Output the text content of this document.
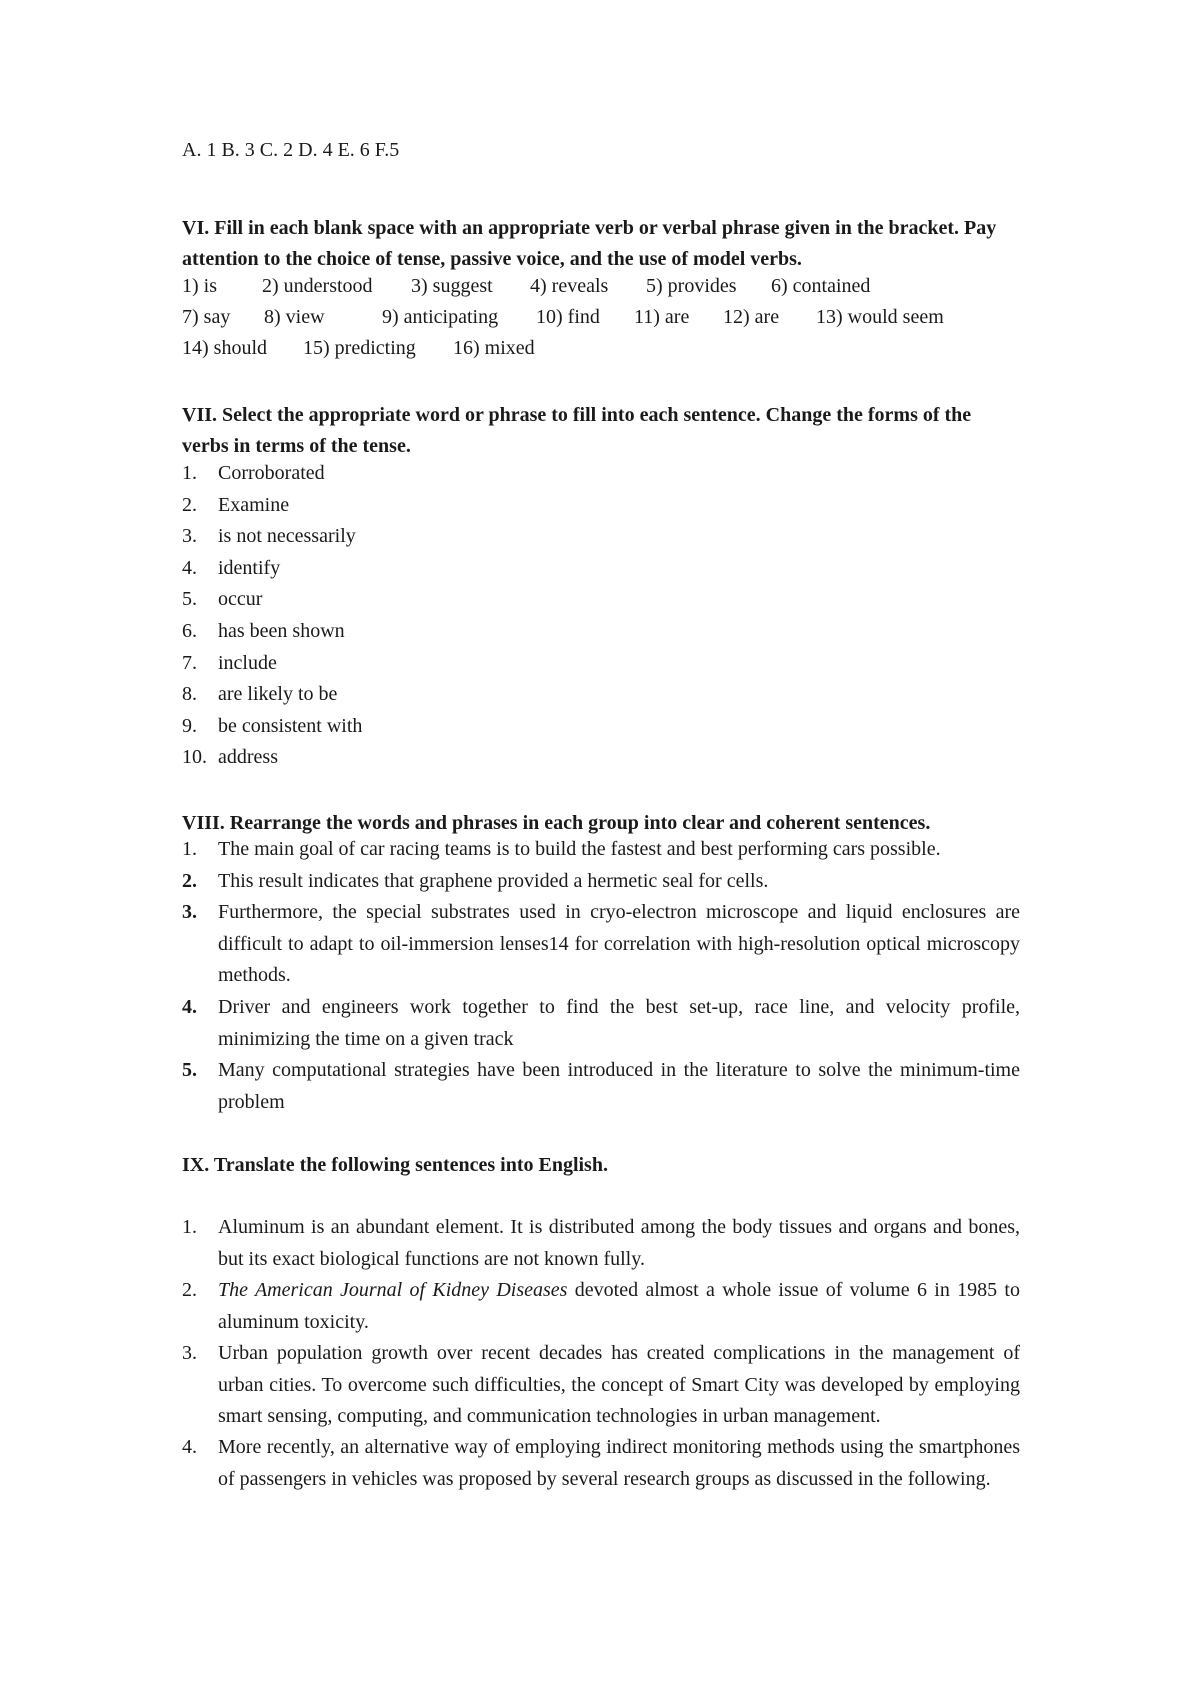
A. 1 B. 3 C. 2 D. 4 E. 6 F.5
VI. Fill in each blank space with an appropriate verb or verbal phrase given in the bracket. Pay attention to the choice of tense, passive voice, and the use of model verbs.
1) is 2) understood 3) suggest 4) reveals 5) provides 6) contained
7) say 8) view	9) anticipating 10) find 11) are 12) are 13) would seem
14) should 15) predicting 16) mixed
VII. Select the appropriate word or phrase to fill into each sentence. Change the forms of the verbs in terms of the tense.
1. Corroborated
2. Examine
3. is not necessarily
4. identify
5. occur
6. has been shown
7. include
8. are likely to be
9. be consistent with
10. address
VIII. Rearrange the words and phrases in each group into clear and coherent sentences.
1. The main goal of car racing teams is to build the fastest and best performing cars possible.
2. This result indicates that graphene provided a hermetic seal for cells.
3. Furthermore, the special substrates used in cryo-electron microscope and liquid enclosures are difficult to adapt to oil-immersion lenses14 for correlation with high-resolution optical microscopy methods.
4. Driver and engineers work together to find the best set-up, race line, and velocity profile, minimizing the time on a given track
5. Many computational strategies have been introduced in the literature to solve the minimum-time problem
IX. Translate the following sentences into English.
1. Aluminum is an abundant element. It is distributed among the body tissues and organs and bones, but its exact biological functions are not known fully.
2. The American Journal of Kidney Diseases devoted almost a whole issue of volume 6 in 1985 to aluminum toxicity.
3. Urban population growth over recent decades has created complications in the management of urban cities. To overcome such difficulties, the concept of Smart City was developed by employing smart sensing, computing, and communication technologies in urban management.
4. More recently, an alternative way of employing indirect monitoring methods using the smartphones of passengers in vehicles was proposed by several research groups as discussed in the following.
